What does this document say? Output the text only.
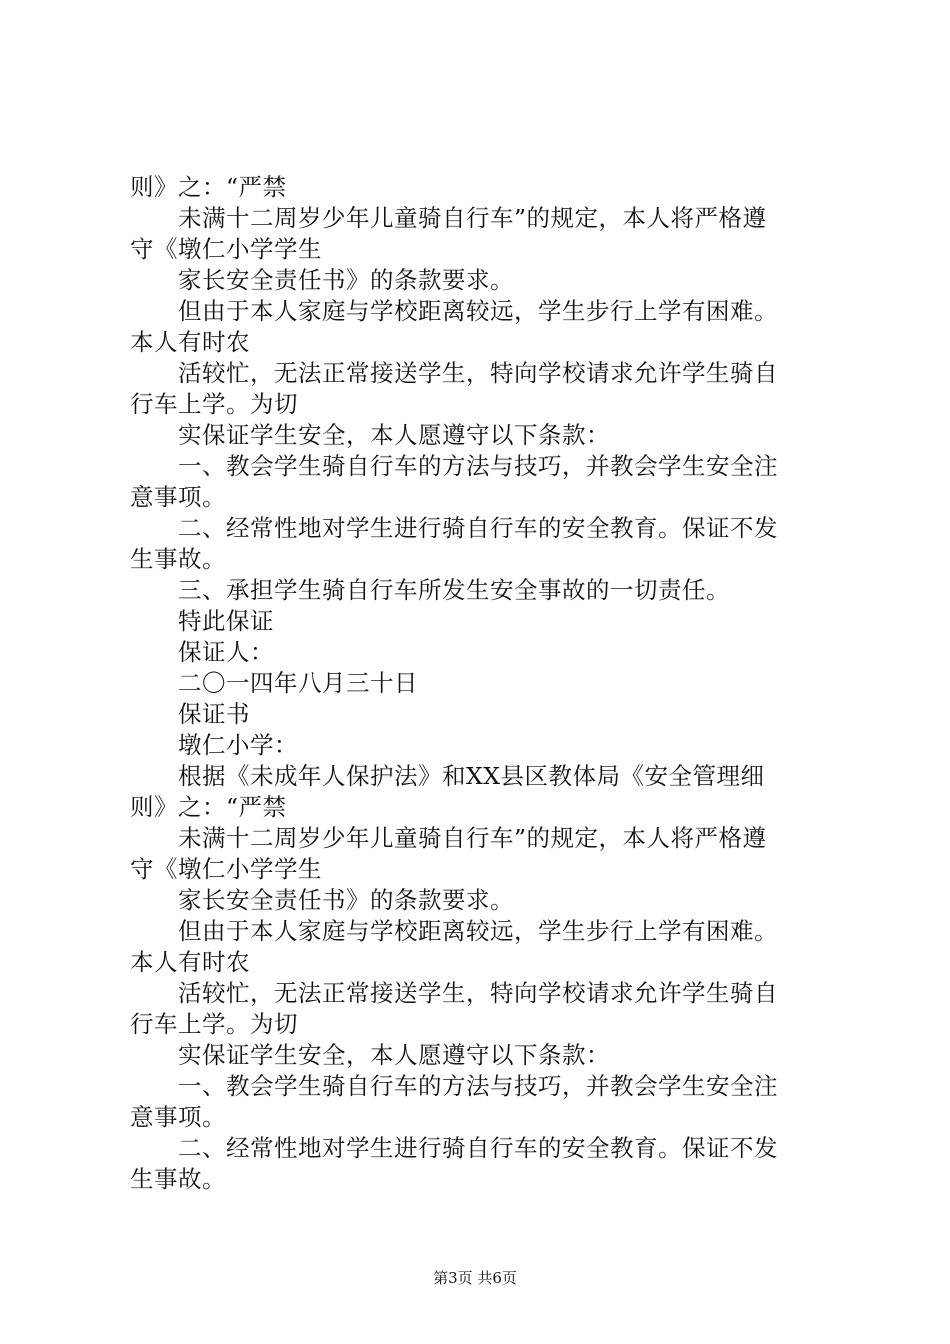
则》之：“严禁
未满十二周岁少年儿童骑自行车”的规定，本人将严格遵
守《墩仁小学学生
家长安全责任书》的条款要求。
但由于本人家庭与学校距离较远，学生步行上学有困难。
本人有时农
活较忙，无法正常接送学生，特向学校请求允许学生骑自
行车上学。为切
实保证学生安全，本人愿遵守以下条款：
一、教会学生骑自行车的方法与技巧，并教会学生安全注
意事项。
二、经常性地对学生进行骑自行车的安全教育。保证不发
生事故。
三、承担学生骑自行车所发生安全事故的一切责任。
特此保证
保证人：
二〇一四年八月三十日
保证书
墩仁小学：
根据《未成年人保护法》和XX县区教体局《安全管理细
则》之：“严禁
未满十二周岁少年儿童骑自行车”的规定，本人将严格遵
守《墩仁小学学生
家长安全责任书》的条款要求。
但由于本人家庭与学校距离较远，学生步行上学有困难。
本人有时农
活较忙，无法正常接送学生，特向学校请求允许学生骑自
行车上学。为切
实保证学生安全，本人愿遵守以下条款：
一、教会学生骑自行车的方法与技巧，并教会学生安全注
意事项。
二、经常性地对学生进行骑自行车的安全教育。保证不发
生事故。
第3页 共6页
